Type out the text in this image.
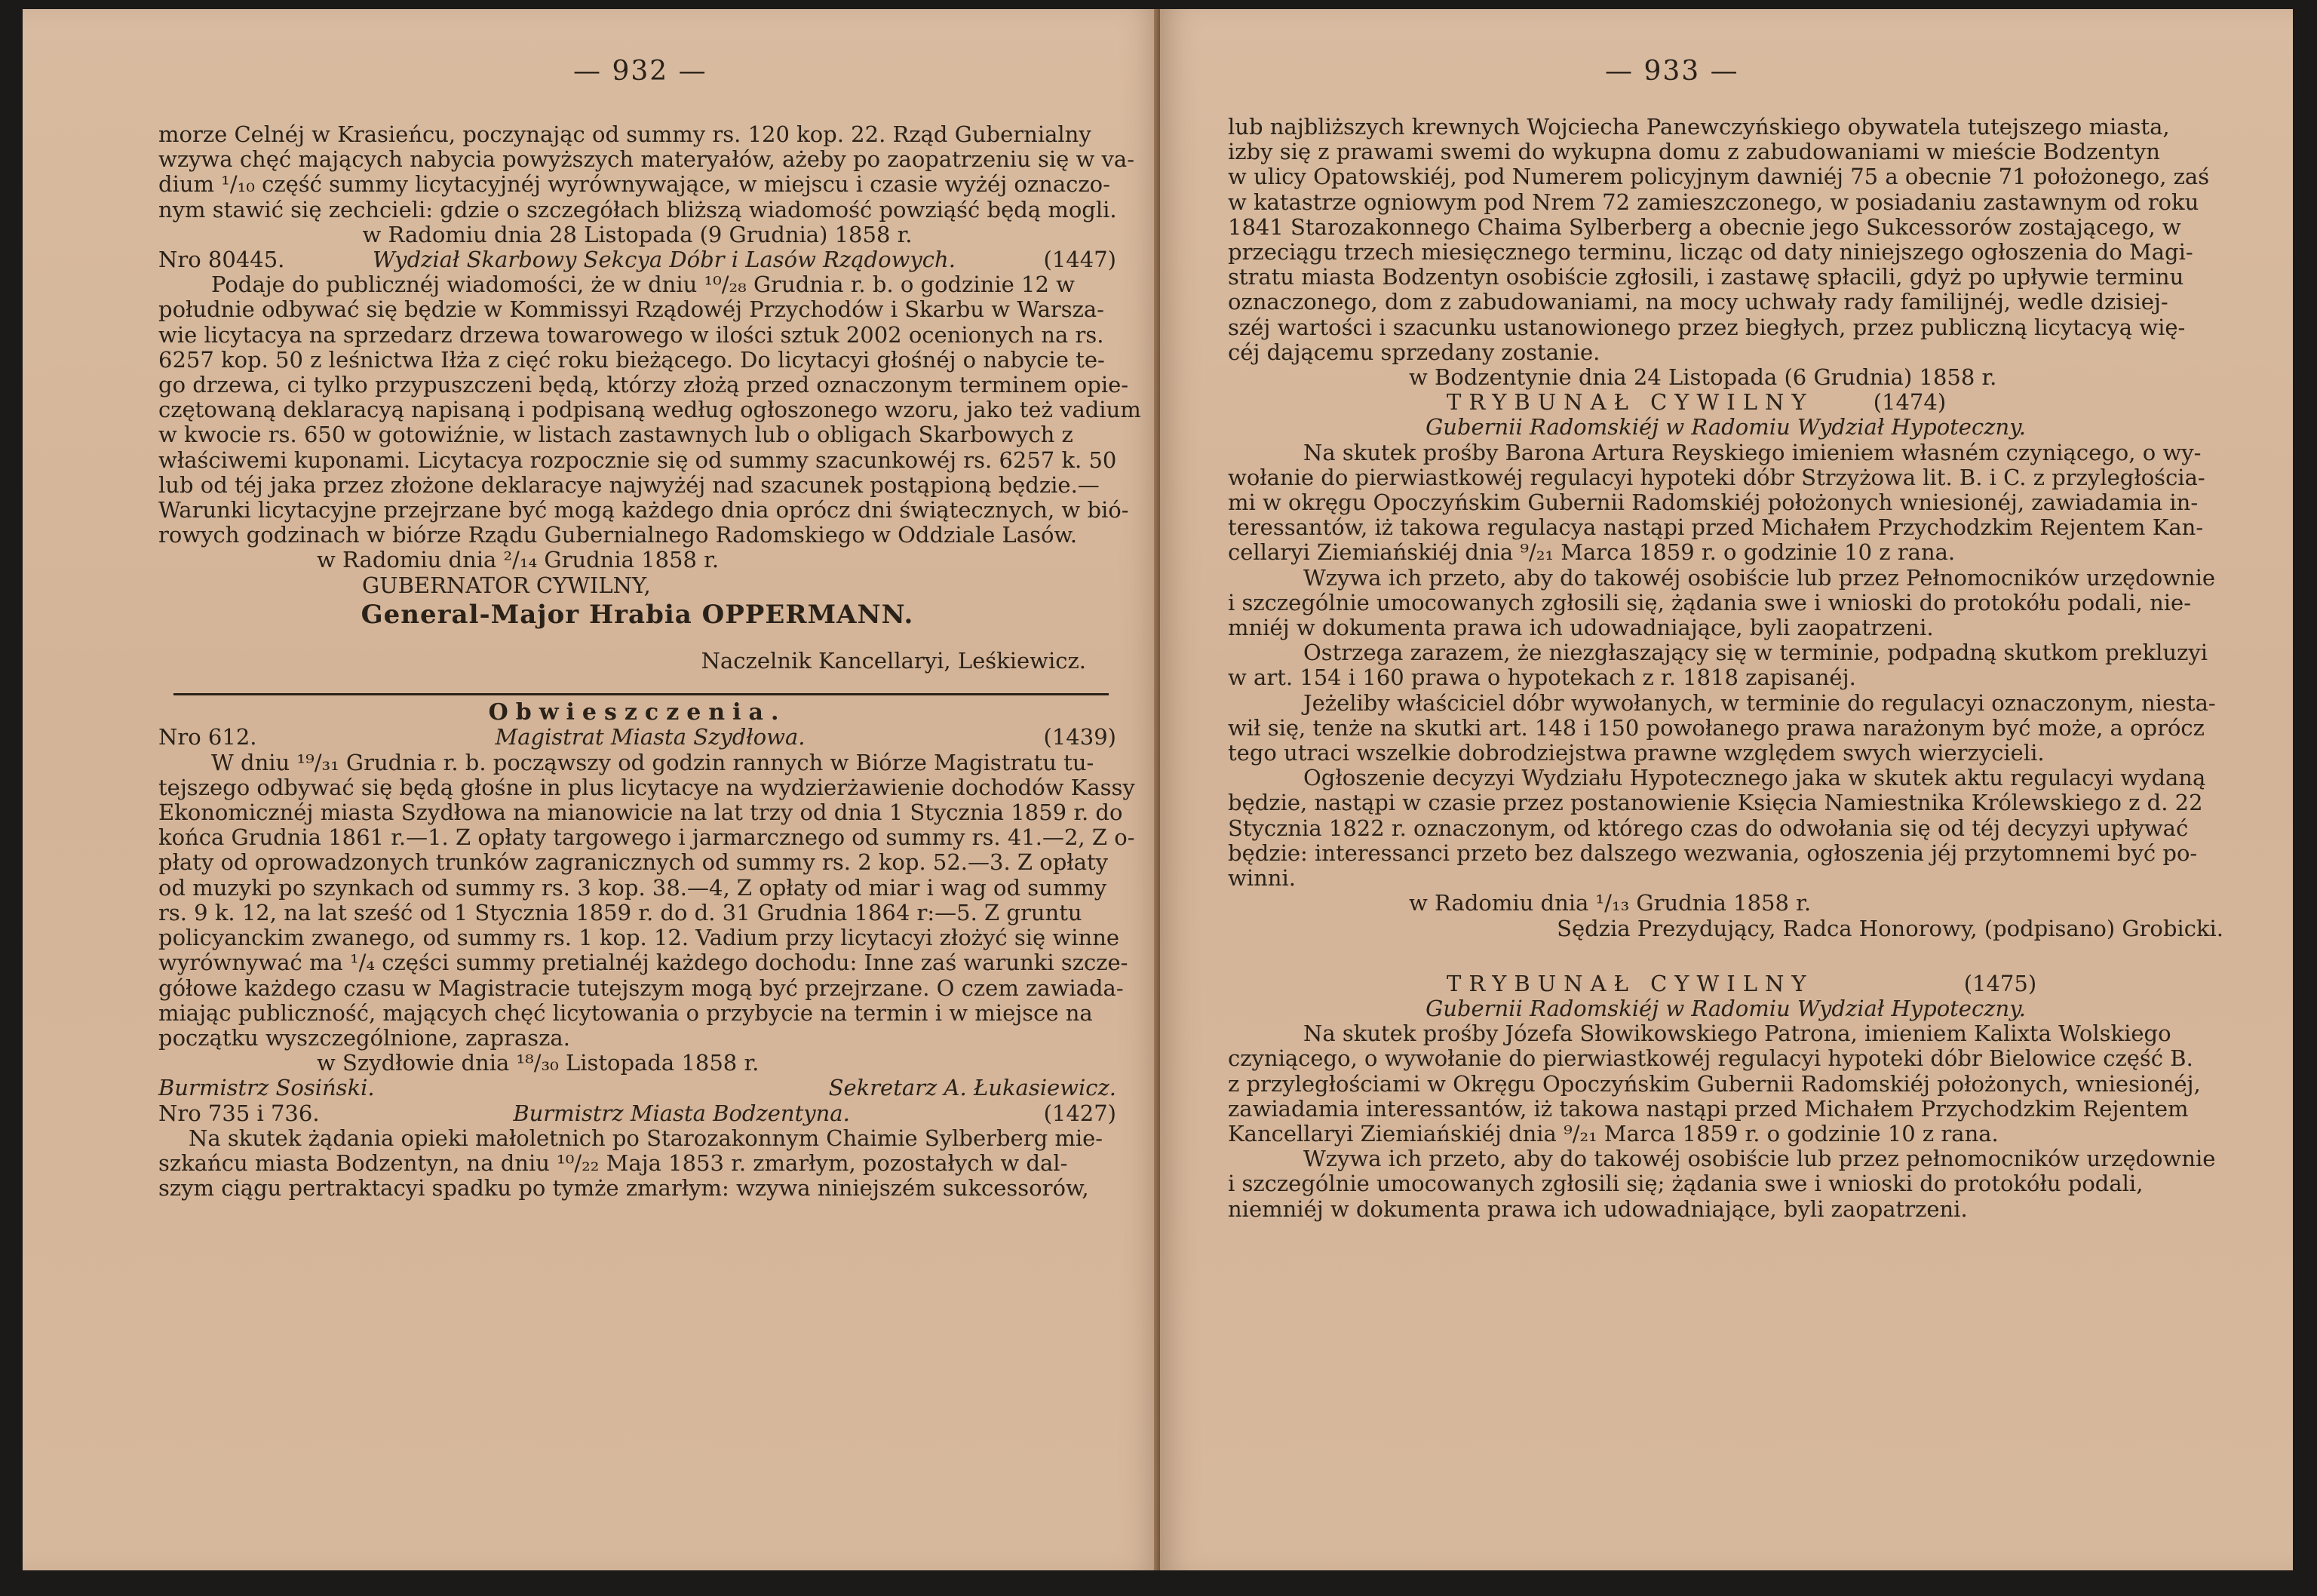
— 932 —
morze Celnéj w Krasieńcu, poczynając od summy rs. 120 kop. 22. Rząd Gubernialny
wzywa chęć mających nabycia powyższych materyałów, ażeby po zaopatrzeniu się w va-
dium ¹/₁₀ część summy licytacyjnéj wyrównywające, w miejscu i czasie wyżéj oznaczo-
nym stawić się zechcieli: gdzie o szczegółach bliższą wiadomość powziąść będą mogli.
w Radomiu dnia 28 Listopada (9 Grudnia) 1858 r.
Nro 80445.	Wydział Skarbowy Sekcya Dóbr i Lasów Rządowych.	(1447)
Podaje do publicznéj wiadomości, że w dniu ¹⁰/₂₈ Grudnia r. b. o godzinie 12 w
południe odbywać się będzie w Kommissyi Rządowéj Przychodów i Skarbu w Warsza-
wie licytacya na sprzedarz drzewa towarowego w ilości sztuk 2002 ocenionych na rs.
6257 kop. 50 z leśnictwa Iłża z cięć roku bieżącego. Do licytacyi głośnéj o nabycie te-
go drzewa, ci tylko przypuszczeni będą, którzy złożą przed oznaczonym terminem opie-
czętowaną deklaracyą napisaną i podpisaną według ogłoszonego wzoru, jako też vadium
w kwocie rs. 650 w gotowiźnie, w listach zastawnych lub o obligach Skarbowych z
właściwemi kuponami. Licytacya rozpocznie się od summy szacunkowéj rs. 6257 k. 50
lub od téj jaka przez złożone deklaracye najwyżéj nad szacunek postąpioną będzie.—
Warunki licytacyjne przejrzane być mogą każdego dnia oprócz dni świątecznych, w bió-
rowych godzinach w biórze Rządu Gubernialnego Radomskiego w Oddziale Lasów.
w Radomiu dnia ²/₁₄ Grudnia 1858 r.
GUBERNATOR CYWILNY,
General-Major Hrabia OPPERMANN.
Naczelnik Kancellaryi, Leśkiewicz.
Obwieszczenia.
Nro 612.	Magistrat Miasta Szydłowa.	(1439)
W dniu ¹⁹/₃₁ Grudnia r. b. począwszy od godzin rannych w Biórze Magistratu tu-
tejszego odbywać się będą głośne in plus licytacye na wydzierżawienie dochodów Kassy
Ekonomicznéj miasta Szydłowa na mianowicie na lat trzy od dnia 1 Stycznia 1859 r. do
końca Grudnia 1861 r.—1. Z opłaty targowego i jarmarcznego od summy rs. 41.—2, Z o-
płaty od oprowadzonych trunków zagranicznych od summy rs. 2 kop. 52.—3. Z opłaty
od muzyki po szynkach od summy rs. 3 kop. 38.—4, Z opłaty od miar i wag od summy
rs. 9 k. 12, na lat sześć od 1 Stycznia 1859 r. do d. 31 Grudnia 1864 r:—5. Z gruntu
policyanckim zwanego, od summy rs. 1 kop. 12. Vadium przy licytacyi złożyć się winne
wyrównywać ma ¹/₄ części summy pretialnéj każdego dochodu: Inne zaś warunki szcze-
gółowe każdego czasu w Magistracie tutejszym mogą być przejrzane. O czem zawiada-
miając publiczność, mających chęć licytowania o przybycie na termin i w miejsce na
początku wyszczególnione, zaprasza.
w Szydłowie dnia ¹⁸/₃₀ Listopada 1858 r.
Burmistrz Sosiński.	Sekretarz A. Łukasiewicz.
Nro 735 i 736.	Burmistrz Miasta Bodzentyna.	(1427)
Na skutek żądania opieki małoletnich po Starozakonnym Chaimie Sylberberg mie-
szkańcu miasta Bodzentyn, na dniu ¹⁰/₂₂ Maja 1853 r. zmarłym, pozostałych w dal-
szym ciągu pertraktacyi spadku po tymże zmarłym: wzywa niniejszém sukcessorów,
— 933 —
lub najbliższych krewnych Wojciecha Panewczyńskiego obywatela tutejszego miasta,
izby się z prawami swemi do wykupna domu z zabudowaniami w mieście Bodzentyn
w ulicy Opatowskiéj, pod Numerem policyjnym dawniéj 75 a obecnie 71 położonego, zaś
w katastrze ogniowym pod Nrem 72 zamieszczonego, w posiadaniu zastawnym od roku
1841 Starozakonnego Chaima Sylberberg a obecnie jego Sukcessorów zostającego, w
przeciągu trzech miesięcznego terminu, licząc od daty niniejszego ogłoszenia do Magi-
stratu miasta Bodzentyn osobiście zgłosili, i zastawę spłacili, gdyż po upływie terminu
oznaczonego, dom z zabudowaniami, na mocy uchwały rady familijnéj, wedle dzisiej-
széj wartości i szacunku ustanowionego przez biegłych, przez publiczną licytacyą wię-
céj dającemu sprzedany zostanie.
w Bodzentynie dnia 24 Listopada (6 Grudnia) 1858 r.
TRYBUNAŁ CYWILNY	(1474)
Gubernii Radomskiéj w Radomiu Wydział Hypoteczny.
Na skutek prośby Barona Artura Reyskiego imieniem własném czyniącego, o wy-
wołanie do pierwiastkowéj regulacyi hypoteki dóbr Strzyżowa lit. B. i C. z przyległościa-
mi w okręgu Opoczyńskim Gubernii Radomskiéj położonych wniesionéj, zawiadamia in-
teressantów, iż takowa regulacya nastąpi przed Michałem Przychodzkim Rejentem Kan-
cellaryi Ziemiańskiéj dnia ⁹/₂₁ Marca 1859 r. o godzinie 10 z rana.
Wzywa ich przeto, aby do takowéj osobiście lub przez Pełnomocników urzędownie
i szczególnie umocowanych zgłosili się, żądania swe i wnioski do protokółu podali, nie-
mniéj w dokumenta prawa ich udowadniające, byli zaopatrzeni.
Ostrzega zarazem, że niezgłaszający się w terminie, podpadną skutkom prekluzyi
w art. 154 i 160 prawa o hypotekach z r. 1818 zapisanéj.
Jeżeliby właściciel dóbr wywołanych, w terminie do regulacyi oznaczonym, niesta-
wił się, tenże na skutki art. 148 i 150 powołanego prawa narażonym być może, a oprócz
tego utraci wszelkie dobrodziejstwa prawne względem swych wierzycieli.
Ogłoszenie decyzyi Wydziału Hypotecznego jaka w skutek aktu regulacyi wydaną
będzie, nastąpi w czasie przez postanowienie Księcia Namiestnika Królewskiego z d. 22
Stycznia 1822 r. oznaczonym, od którego czas do odwołania się od téj decyzyi upływać
będzie: interessanci przeto bez dalszego wezwania, ogłoszenia jéj przytomnemi być po-
winni.
w Radomiu dnia ¹/₁₃ Grudnia 1858 r.
Sędzia Prezydujący, Radca Honorowy, (podpisano) Grobicki.
TRYBUNAŁ CYWILNY	(1475)
Gubernii Radomskiéj w Radomiu Wydział Hypoteczny.
Na skutek prośby Józefa Słowikowskiego Patrona, imieniem Kalixta Wolskiego
czyniącego, o wywołanie do pierwiastkowéj regulacyi hypoteki dóbr Bielowice część B.
z przyległościami w Okręgu Opoczyńskim Gubernii Radomskiéj położonych, wniesionéj,
zawiadamia interessantów, iż takowa nastąpi przed Michałem Przychodzkim Rejentem
Kancellaryi Ziemiańskiéj dnia ⁹/₂₁ Marca 1859 r. o godzinie 10 z rana.
Wzywa ich przeto, aby do takowéj osobiście lub przez pełnomocników urzędownie
i szczególnie umocowanych zgłosili się; żądania swe i wnioski do protokółu podali,
niemniéj w dokumenta prawa ich udowadniające, byli zaopatrzeni.
